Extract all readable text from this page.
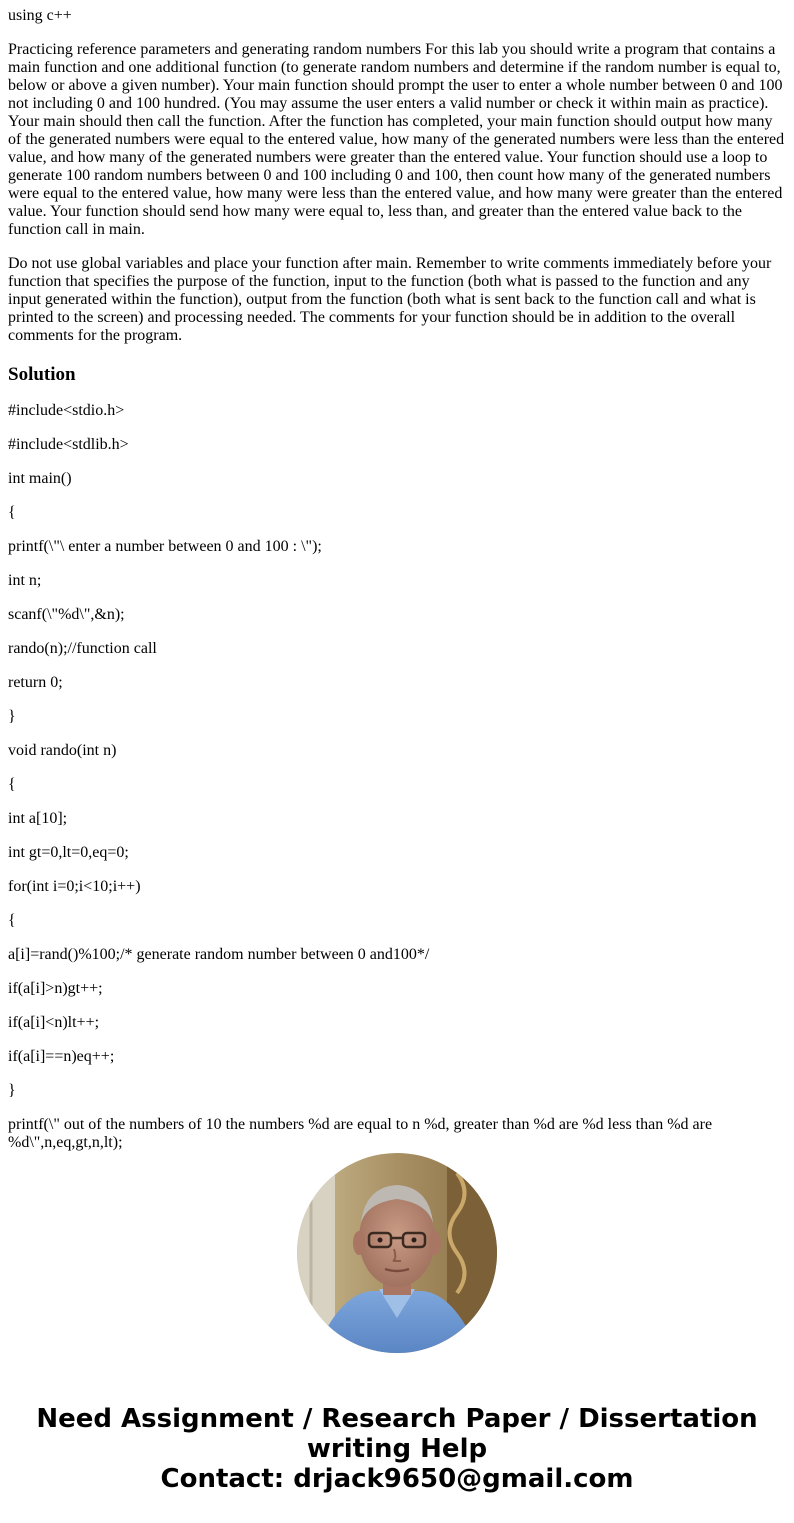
using c++

Practicing reference parameters and generating random numbers For this lab you should write a program that contains a main function and one additional function (to generate random numbers and determine if the random number is equal to, below or above a given number). Your main function should prompt the user to enter a whole number between 0 and 100 not including 0 and 100 hundred. (You may assume the user enters a valid number or check it within main as practice). Your main should then call the function. After the function has completed, your main function should output how many of the generated numbers were equal to the entered value, how many of the generated numbers were less than the entered value, and how many of the generated numbers were greater than the entered value. Your function should use a loop to generate 100 random numbers between 0 and 100 including 0 and 100, then count how many of the generated numbers were equal to the entered value, how many were less than the entered value, and how many were greater than the entered value. Your function should send how many were equal to, less than, and greater than the entered value back to the function call in main.

Do not use global variables and place your function after main. Remember to write comments immediately before your function that specifies the purpose of the function, input to the function (both what is passed to the function and any input generated within the function), output from the function (both what is sent back to the function call and what is printed to the screen) and processing needed. The comments for your function should be in addition to the overall comments for the program.

Solution

#include<stdio.h>

#include<stdlib.h>

int main()

{

printf(\"\ enter a number between 0 and 100 : \");

int n;

scanf(\"%d\",&n);

rando(n);//function call

return 0;

}

void rando(int n)

{

int a[10];

int gt=0,lt=0,eq=0;

for(int i=0;i<10;i++)

{

a[i]=rand()%100;/* generate random number between 0 and100*/

if(a[i]>n)gt++;

if(a[i]<n)lt++;

if(a[i]==n)eq++;

}

printf(\" out of the numbers of 10 the numbers %d are equal to n %d, greater than %d are %d less than %d are %d\",n,eq,gt,n,lt);

Need Assignment / Research Paper / Dissertation
writing Help
Contact: drjack9650@gmail.com
